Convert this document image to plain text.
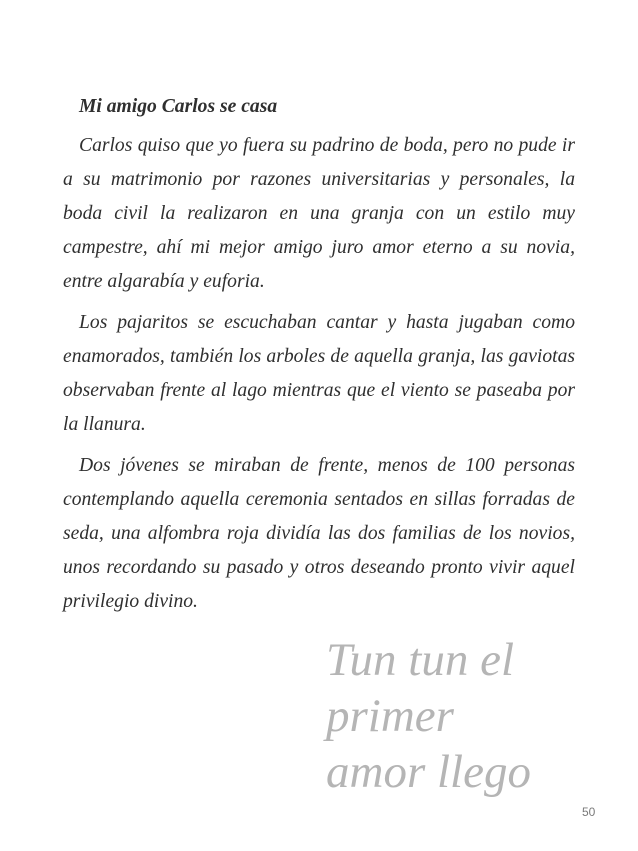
Mi amigo Carlos se casa

Carlos quiso que yo fuera su padrino de boda, pero no pude ir a su matrimonio por razones universitarias y personales, la boda civil la realizaron en una granja con un estilo muy campestre, ahí mi mejor amigo juro amor eterno a su novia, entre algarabía y euforia.

Los pajaritos se escuchaban cantar y hasta jugaban como enamorados, también los arboles de aquella granja, las gaviotas observaban frente al lago mientras que el viento se paseaba por la llanura.

Dos jóvenes se miraban de frente, menos de 100 personas contemplando aquella ceremonia sentados en sillas forradas de seda, una alfombra roja dividía las dos familias de los novios, unos recordando su pasado y otros deseando pronto vivir aquel privilegio divino.

Tun tun el
primer
amor llego
50
